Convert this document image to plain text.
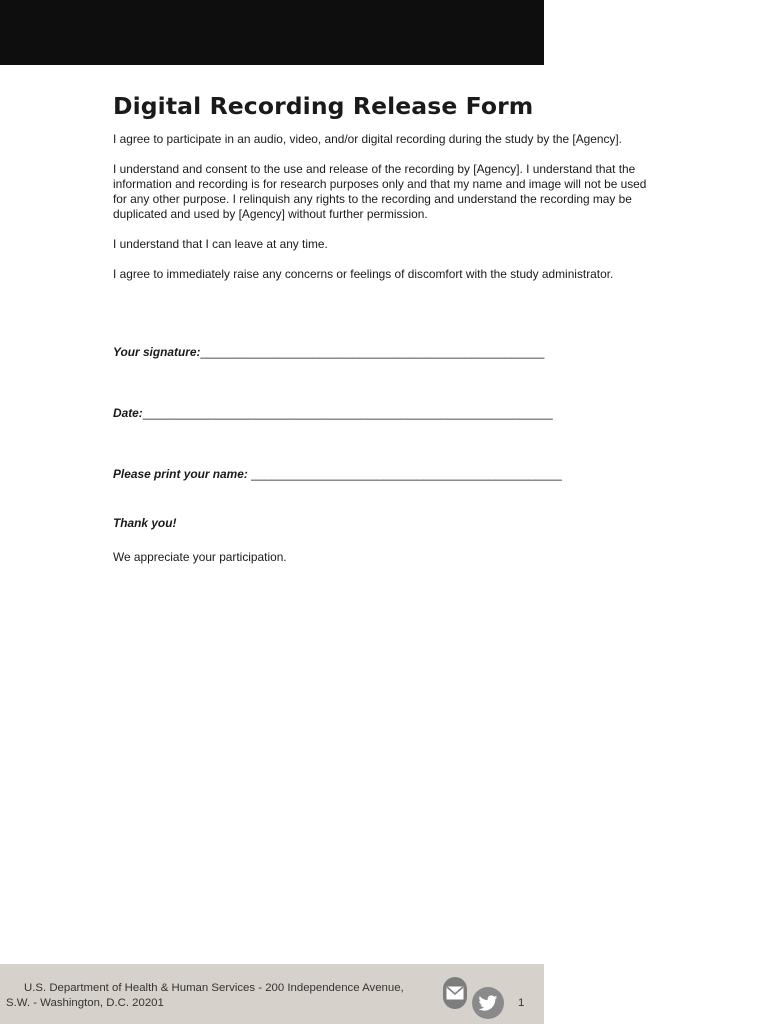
Digital Recording Release Form

I agree to participate in an audio, video, and/or digital recording during the study by the [Agency].

I understand and consent to the use and release of the recording by [Agency]. I understand that the information and recording is for research purposes only and that my name and image will not be used for any other purpose. I relinquish any rights to the recording and understand the recording may be duplicated and used by [Agency] without further permission.

I understand that I can leave at any time.

I agree to immediately raise any concerns or feelings of discomfort with the study administrator.

Your signature:____________________________________________________
Date:______________________________________________________________
Please print your name: _______________________________________________
Thank you!
We appreciate your participation.
U.S. Department of Health & Human Services - 200 Independence Avenue, S.W. - Washington, D.C. 20201	1
